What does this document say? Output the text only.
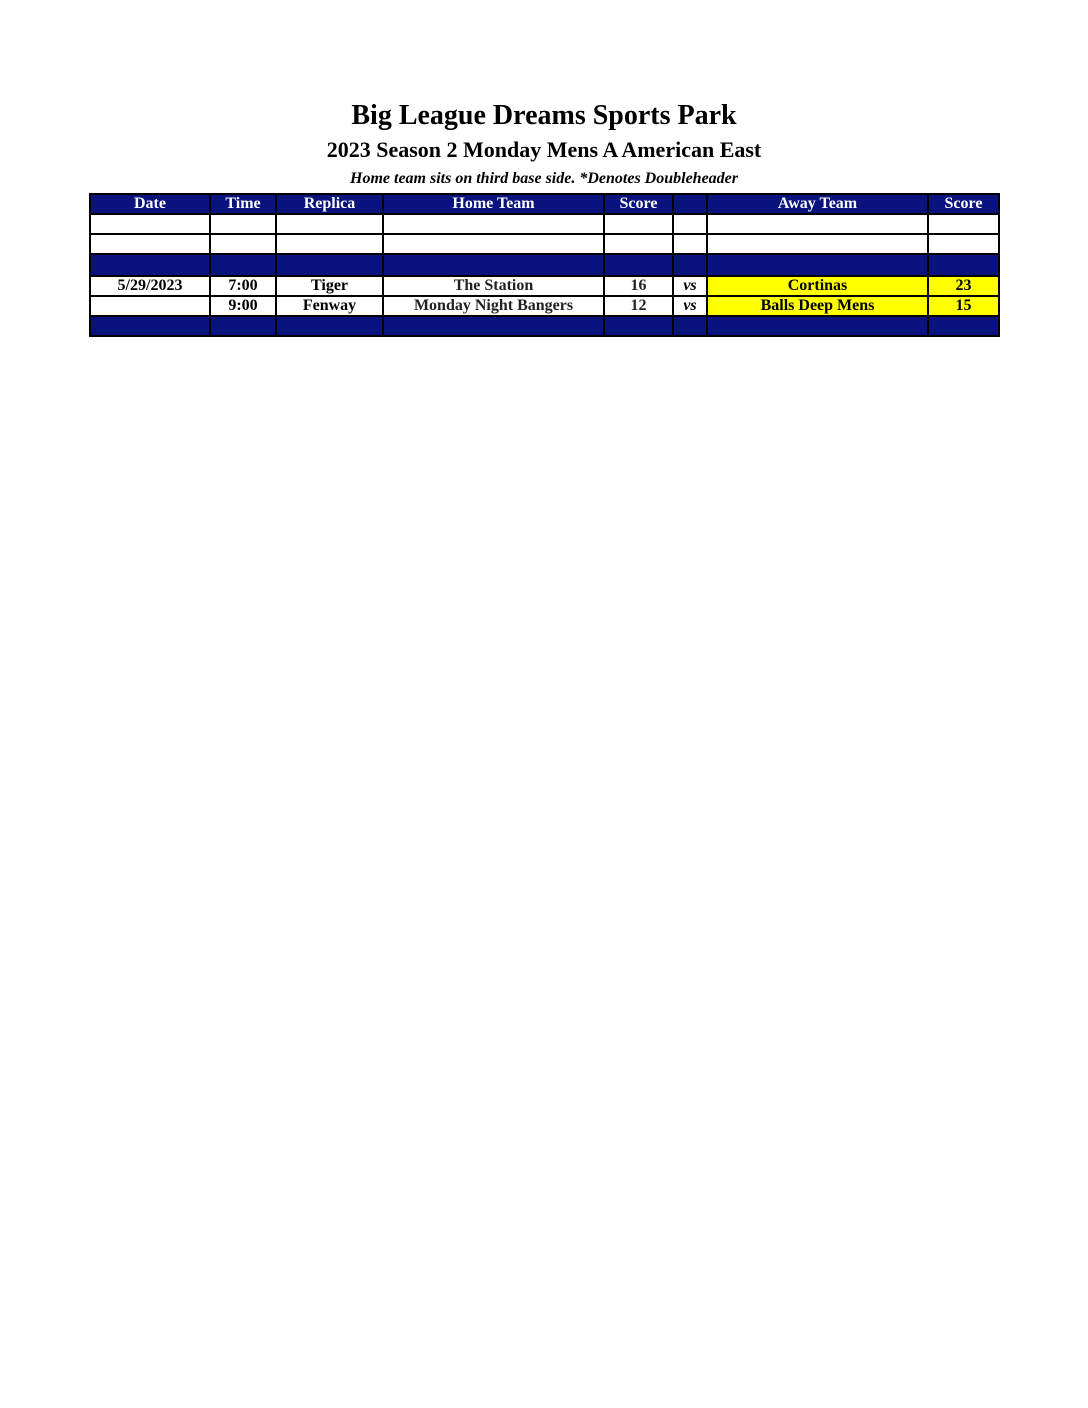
Big League Dreams Sports Park
2023 Season 2 Monday Mens A American East
Home team sits on third base side. *Denotes Doubleheader
Date	Time	Replica	Home Team	Score		Away Team	Score

5/29/2023	7:00	Tiger	The Station	16	vs	Cortinas	23
	9:00	Fenway	Monday Night Bangers	12	vs	Balls Deep Mens	15
